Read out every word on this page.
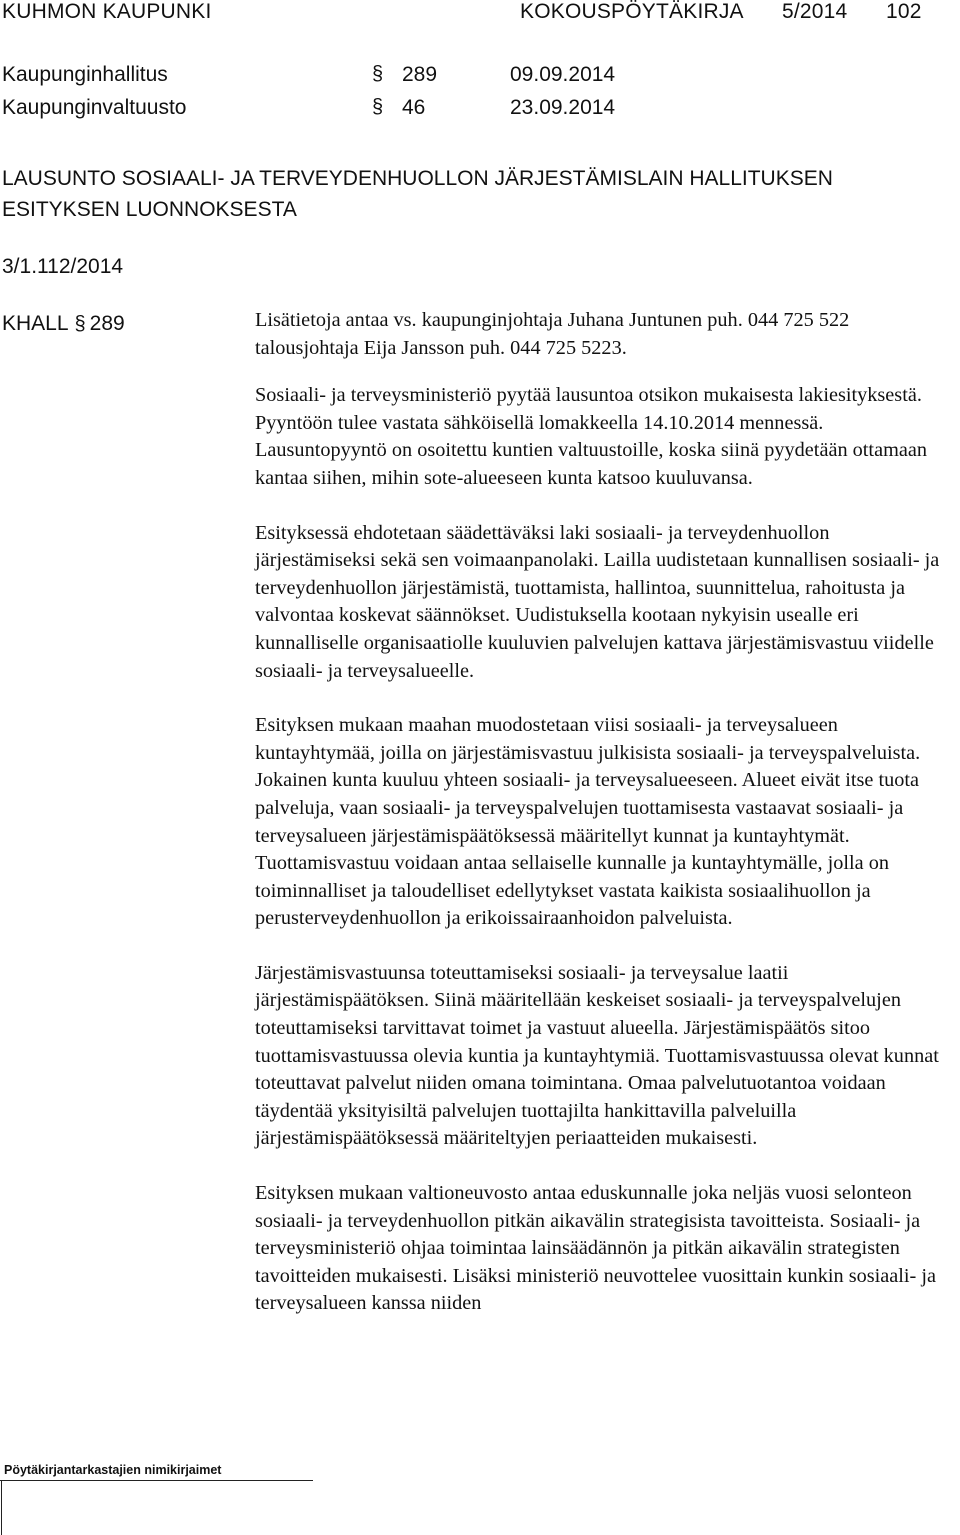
KUHMON KAUPUNKI	KOKOUSPÖYTÄKIRJA 5/2014 102
Kaupunginhallitus	§ 289	09.09.2014
Kaupunginvaltuusto	§ 46	23.09.2014
LAUSUNTO SOSIAALI- JA TERVEYDENHUOLLON JÄRJESTÄMISLAIN HALLITUKSEN ESITYKSEN LUONNOKSESTA
3/1.112/2014
KHALL § 289	Lisätietoja antaa vs. kaupunginjohtaja Juhana Juntunen puh. 044 725 522 talousjohtaja Eija Jansson puh. 044 725 5223.

Sosiaali- ja terveysministeriö pyytää lausuntoa otsikon mukaisesta lakiesityksestä. Pyyntöön tulee vastata sähköisellä lomakkeella 14.10.2014 mennessä. Lausuntopyyntö on osoitettu kuntien valtuustoille, koska siinä pyydetään ottamaan kantaa siihen, mihin sote-alueeseen kunta katsoo kuuluvansa.

Esityksessä ehdotetaan säädettäväksi laki sosiaali- ja terveydenhuollon järjestämiseksi sekä sen voimaanpanolaki. Lailla uudistetaan kunnallisen sosiaali- ja terveydenhuollon järjestämistä, tuottamista, hallintoa, suunnittelua, rahoitusta ja valvontaa koskevat säännökset. Uudistuksella kootaan nykyisin usealle eri kunnalliselle organisaatiolle kuuluvien palvelujen kattava järjestämisvastuu viidelle sosiaali- ja terveysalueelle.

Esityksen mukaan maahan muodostetaan viisi sosiaali- ja terveysalueen kuntayhtymää, joilla on järjestämisvastuu julkisista sosiaali- ja terveyspalveluista. Jokainen kunta kuuluu yhteen sosiaali- ja terveysalueeseen. Alueet eivät itse tuota palveluja, vaan sosiaali- ja terveyspalvelujen tuottamisesta vastaavat sosiaali- ja terveysalueen järjestämispäätöksessä määritellyt kunnat ja kuntayhtymät. Tuottamisvastuu voidaan antaa sellaiselle kunnalle ja kuntayhtymälle, jolla on toiminnalliset ja taloudelliset edellytykset vastata kaikista sosiaalihuollon ja perusterveydenhuollon ja erikoissairaanhoidon palveluista.

Järjestämisvastuunsa toteuttamiseksi sosiaali- ja terveysalue laatii järjestämispäätöksen. Siinä määritellään keskeiset sosiaali- ja terveyspalvelujen toteuttamiseksi tarvittavat toimet ja vastuut alueella. Järjestämispäätös sitoo tuottamisvastuussa olevia kuntia ja kuntayhtymiä. Tuottamisvastuussa olevat kunnat toteuttavat palvelut niiden omana toimintana. Omaa palvelutuotantoa voidaan täydentää yksityisiltä palvelujen tuottajilta hankittavilla palveluilla järjestämispäätöksessä määriteltyjen periaatteiden mukaisesti.

Esityksen mukaan valtioneuvosto antaa eduskunnalle joka neljäs vuosi selonteon sosiaali- ja terveydenhuollon pitkän aikavälin strategisista tavoitteista. Sosiaali- ja terveysministeriö ohjaa toimintaa lainsäädännön ja pitkän aikavälin strategisten tavoitteiden mukaisesti. Lisäksi ministeriö neuvottelee vuosittain kunkin sosiaali- ja terveysalueen kanssa niiden

Pöytäkirjantarkastajien nimikirjaimet
